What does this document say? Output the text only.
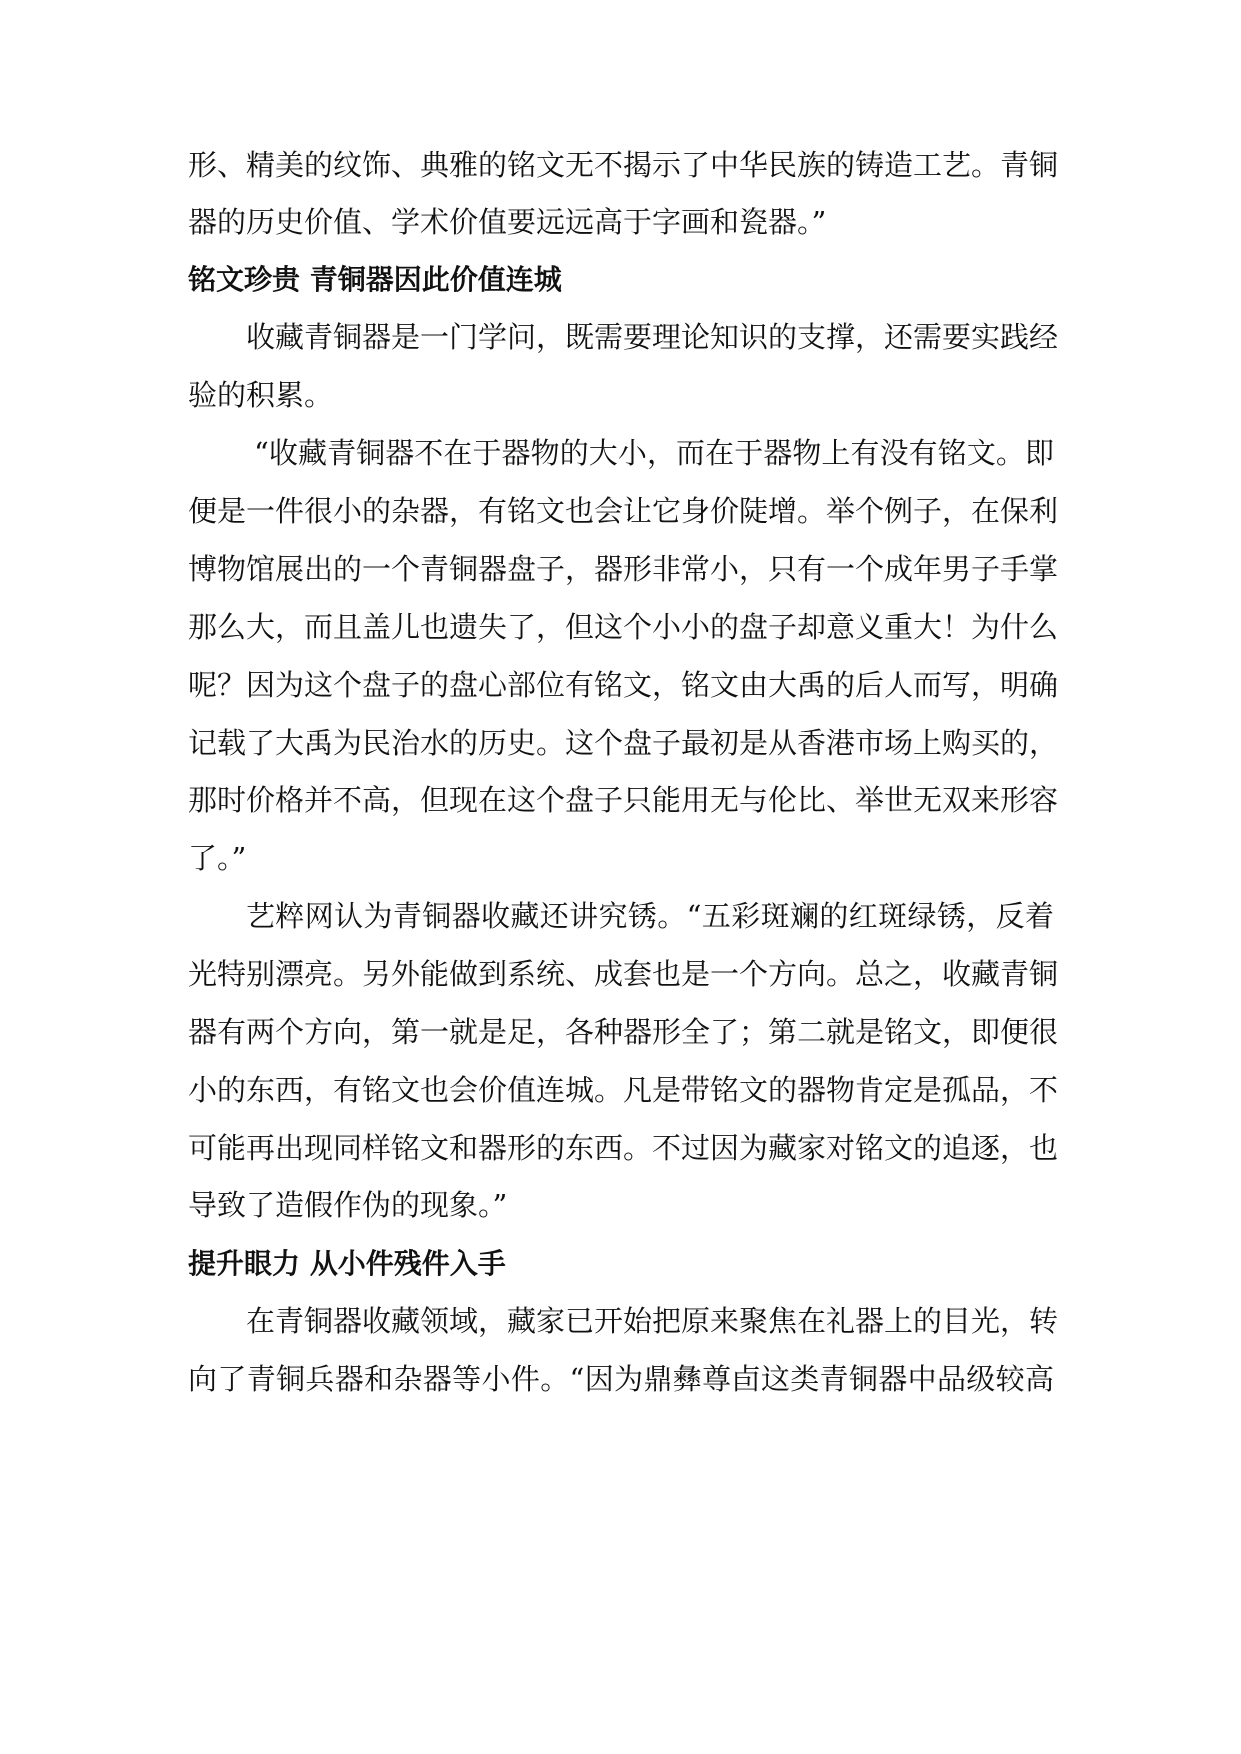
形、精美的纹饰、典雅的铭文无不揭示了中华民族的铸造工艺。青铜
器的历史价值、学术价值要远远高于字画和瓷器。”
铭文珍贵 青铜器因此价值连城
收藏青铜器是一门学问，既需要理论知识的支撑，还需要实践经
验的积累。
“收藏青铜器不在于器物的大小，而在于器物上有没有铭文。即
便是一件很小的杂器，有铭文也会让它身价陡增。举个例子，在保利
博物馆展出的一个青铜器盘子，器形非常小，只有一个成年男子手掌
那么大，而且盖儿也遗失了，但这个小小的盘子却意义重大！为什么
呢？因为这个盘子的盘心部位有铭文，铭文由大禹的后人而写，明确
记载了大禹为民治水的历史。这个盘子最初是从香港市场上购买的，
那时价格并不高，但现在这个盘子只能用无与伦比、举世无双来形容
了。”
艺粹网认为青铜器收藏还讲究锈。“五彩斑斓的红斑绿锈，反着
光特别漂亮。另外能做到系统、成套也是一个方向。总之，收藏青铜
器有两个方向，第一就是足，各种器形全了；第二就是铭文，即便很
小的东西，有铭文也会价值连城。凡是带铭文的器物肯定是孤品，不
可能再出现同样铭文和器形的东西。不过因为藏家对铭文的追逐，也
导致了造假作伪的现象。”
提升眼力 从小件残件入手
在青铜器收藏领域，藏家已开始把原来聚焦在礼器上的目光，转
向了青铜兵器和杂器等小件。“因为鼎彝尊卣这类青铜器中品级较高
